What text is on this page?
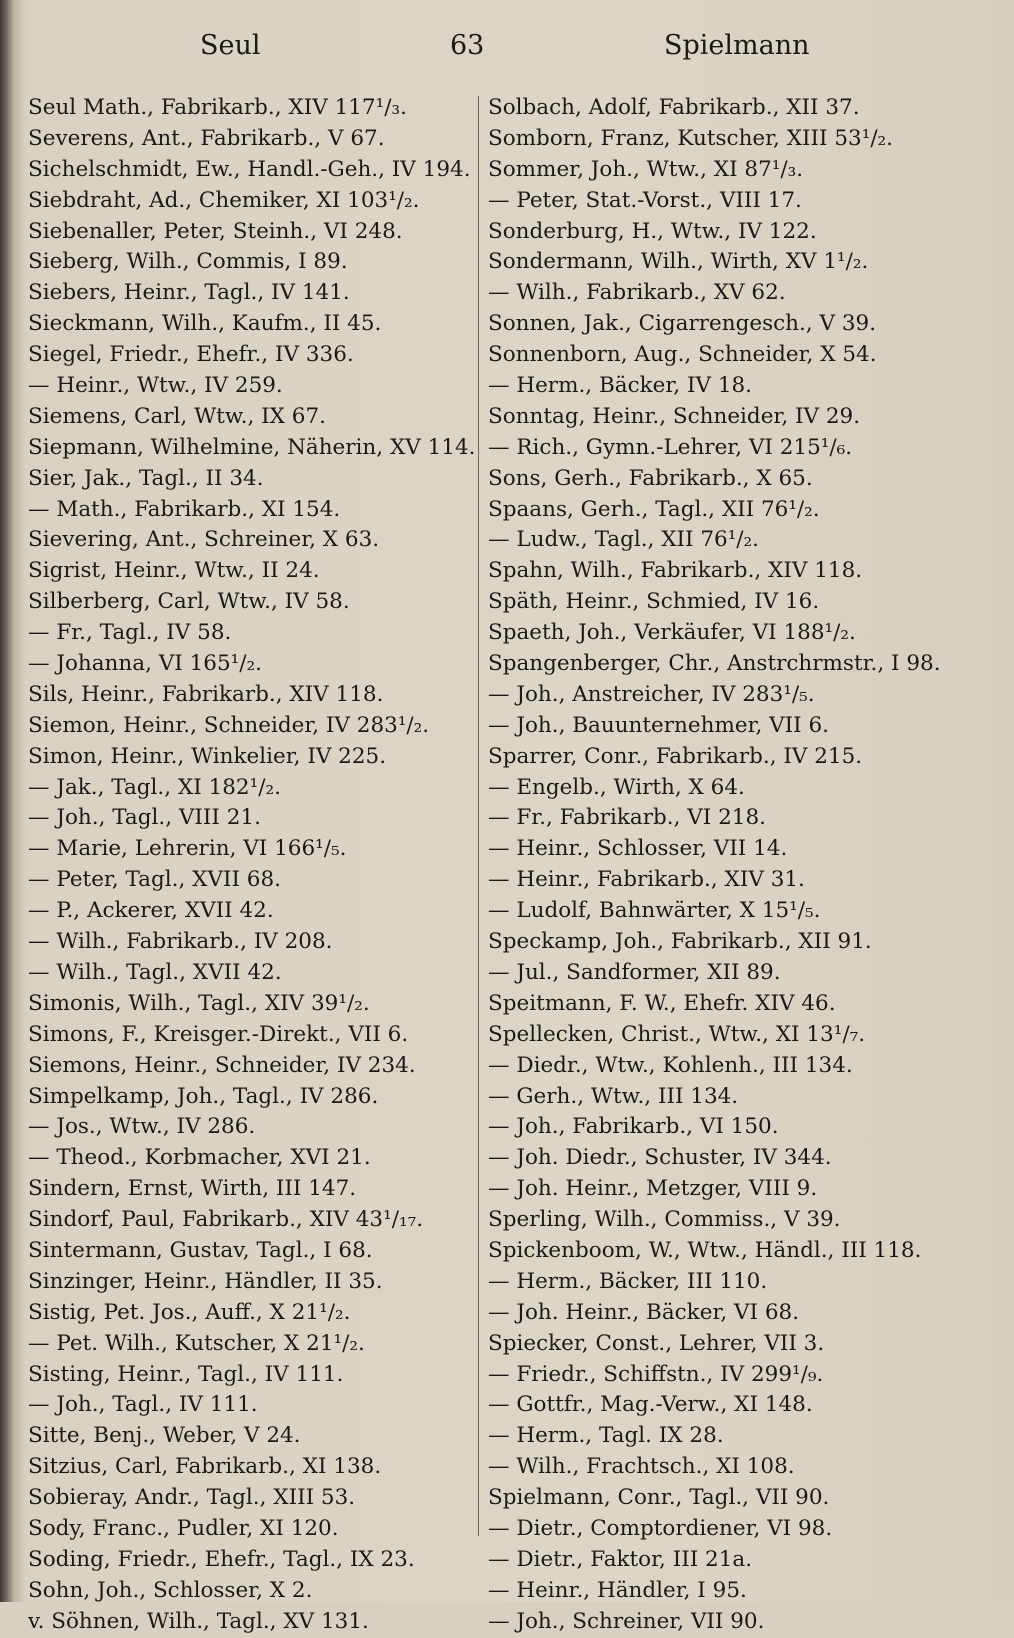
Seul	63	Spielmann
Seul Math., Fabrikarb., XIV 117¹/₃.
Severens, Ant., Fabrikarb., V 67.
Sichelschmidt, Ew., Handl.-Geh., IV 194.
Siebdraht, Ad., Chemiker, XI 103¹/₂.
Siebenaller, Peter, Steinh., VI 248.
Sieberg, Wilh., Commis, I 89.
Siebers, Heinr., Tagl., IV 141.
Sieckmann, Wilh., Kaufm., II 45.
Siegel, Friedr., Ehefr., IV 336.
— Heinr., Wtw., IV 259.
Siemens, Carl, Wtw., IX 67.
Siepmann, Wilhelmine, Näherin, XV 114.
Sier, Jak., Tagl., II 34.
— Math., Fabrikarb., XI 154.
Sievering, Ant., Schreiner, X 63.
Sigrist, Heinr., Wtw., II 24.
Silberberg, Carl, Wtw., IV 58.
— Fr., Tagl., IV 58.
— Johanna, VI 165¹/₂.
Sils, Heinr., Fabrikarb., XIV 118.
Siemon, Heinr., Schneider, IV 283¹/₂.
Simon, Heinr., Winkelier, IV 225.
— Jak., Tagl., XI 182¹/₂.
— Joh., Tagl., VIII 21.
— Marie, Lehrerin, VI 166¹/₅.
— Peter, Tagl., XVII 68.
— P., Ackerer, XVII 42.
— Wilh., Fabrikarb., IV 208.
— Wilh., Tagl., XVII 42.
Simonis, Wilh., Tagl., XIV 39¹/₂.
Simons, F., Kreisger.-Direkt., VII 6.
Siemons, Heinr., Schneider, IV 234.
Simpelkamp, Joh., Tagl., IV 286.
— Jos., Wtw., IV 286.
— Theod., Korbmacher, XVI 21.
Sindern, Ernst, Wirth, III 147.
Sindorf, Paul, Fabrikarb., XIV 43¹/₁₇.
Sintermann, Gustav, Tagl., I 68.
Sinzinger, Heinr., Händler, II 35.
Sistig, Pet. Jos., Auff., X 21¹/₂.
— Pet. Wilh., Kutscher, X 21¹/₂.
Sisting, Heinr., Tagl., IV 111.
— Joh., Tagl., IV 111.
Sitte, Benj., Weber, V 24.
Sitzius, Carl, Fabrikarb., XI 138.
Sobieray, Andr., Tagl., XIII 53.
Sody, Franc., Pudler, XI 120.
Soding, Friedr., Ehefr., Tagl., IX 23.
Sohn, Joh., Schlosser, X 2.
v. Söhnen, Wilh., Tagl., XV 131.
Solbach, Adolf, Fabrikarb., XII 37.
Somborn, Franz, Kutscher, XIII 53¹/₂.
Sommer, Joh., Wtw., XI 87¹/₃.
— Peter, Stat.-Vorst., VIII 17.
Sonderburg, H., Wtw., IV 122.
Sondermann, Wilh., Wirth, XV 1¹/₂.
— Wilh., Fabrikarb., XV 62.
Sonnen, Jak., Cigarrengesch., V 39.
Sonnenborn, Aug., Schneider, X 54.
— Herm., Bäcker, IV 18.
Sonntag, Heinr., Schneider, IV 29.
— Rich., Gymn.-Lehrer, VI 215¹/₆.
Sons, Gerh., Fabrikarb., X 65.
Spaans, Gerh., Tagl., XII 76¹/₂.
— Ludw., Tagl., XII 76¹/₂.
Spahn, Wilh., Fabrikarb., XIV 118.
Späth, Heinr., Schmied, IV 16.
Spaeth, Joh., Verkäufer, VI 188¹/₂.
Spangenberger, Chr., Anstrchrmstr., I 98.
— Joh., Anstreicher, IV 283¹/₅.
— Joh., Bauunternehmer, VII 6.
Sparrer, Conr., Fabrikarb., IV 215.
— Engelb., Wirth, X 64.
— Fr., Fabrikarb., VI 218.
— Heinr., Schlosser, VII 14.
— Heinr., Fabrikarb., XIV 31.
— Ludolf, Bahnwärter, X 15¹/₅.
Speckamp, Joh., Fabrikarb., XII 91.
— Jul., Sandformer, XII 89.
Speitmann, F. W., Ehefr. XIV 46.
Spellecken, Christ., Wtw., XI 13¹/₇.
— Diedr., Wtw., Kohlenh., III 134.
— Gerh., Wtw., III 134.
— Joh., Fabrikarb., VI 150.
— Joh. Diedr., Schuster, IV 344.
— Joh. Heinr., Metzger, VIII 9.
Sperling, Wilh., Commiss., V 39.
Spickenboom, W., Wtw., Händl., III 118.
— Herm., Bäcker, III 110.
— Joh. Heinr., Bäcker, VI 68.
Spiecker, Const., Lehrer, VII 3.
— Friedr., Schiffstn., IV 299¹/₉.
— Gottfr., Mag.-Verw., XI 148.
— Herm., Tagl. IX 28.
— Wilh., Frachtsch., XI 108.
Spielmann, Conr., Tagl., VII 90.
— Dietr., Comptordiener, VI 98.
— Dietr., Faktor, III 21a.
— Heinr., Händler, I 95.
— Joh., Schreiner, VII 90.
